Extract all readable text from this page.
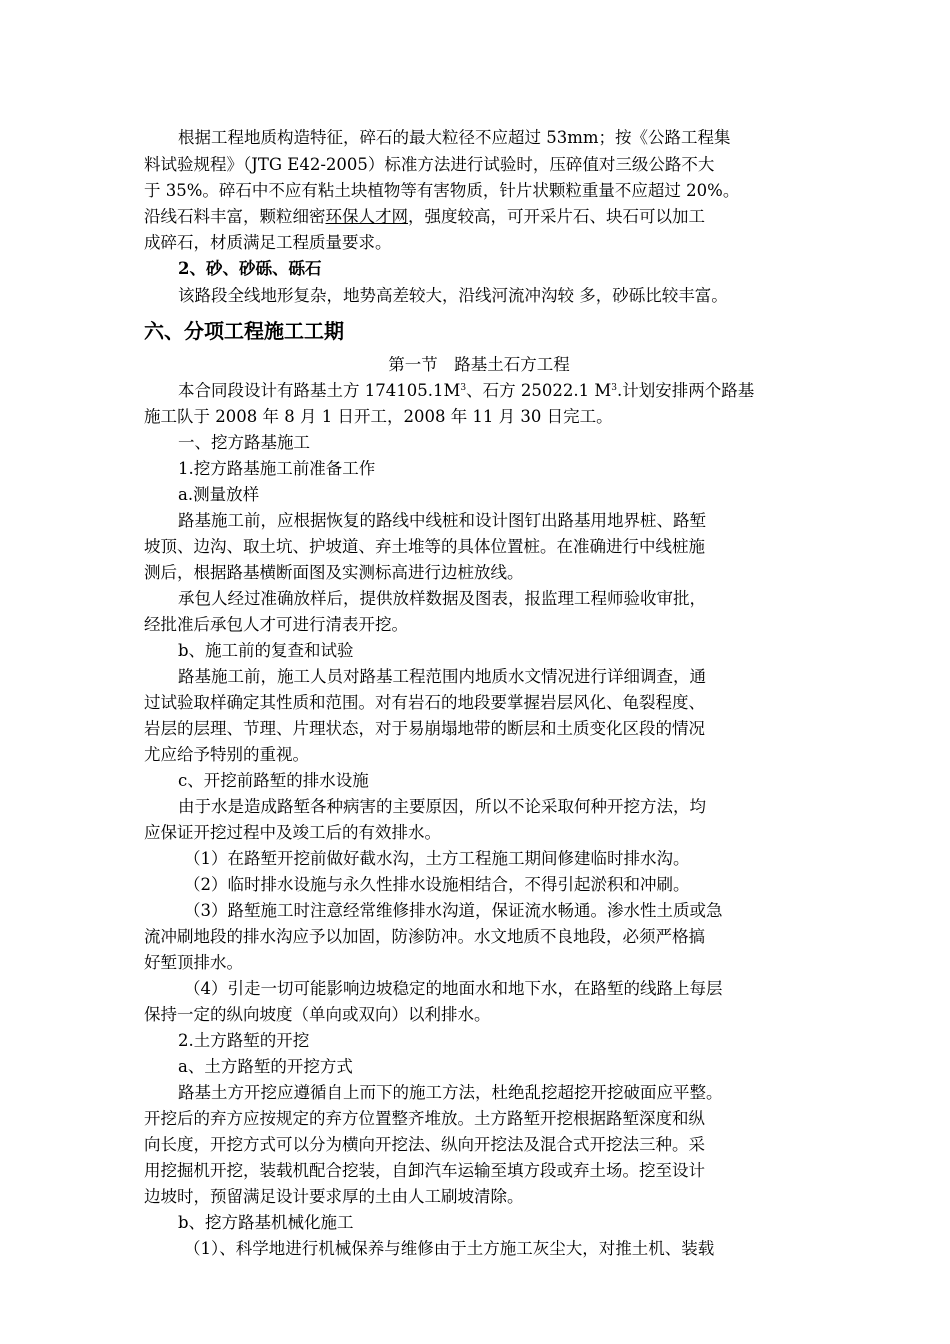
根据工程地质构造特征，碎石的最大粒径不应超过 53mm；按《公路工程集
料试验规程》（JTG E42-2005）标准方法进行试验时，压碎值对三级公路不大
于 35%。碎石中不应有粘土块植物等有害物质，针片状颗粒重量不应超过 20%。
沿线石料丰富，颗粒细密环保人才网，强度较高，可开采片石、块石可以加工
成碎石，材质满足工程质量要求。
2、砂、砂砾、砾石
该路段全线地形复杂，地势高差较大，沿线河流冲沟较 多，砂砾比较丰富。
六、分项工程施工工期
第一节　路基土石方工程
本合同段设计有路基土方 $174105.1M^3$、石方 25022.1 $M^3$.计划安排两个路基
施工队于 2008 年 8 月 1 日开工，2008 年 11 月 30 日完工。
一、挖方路基施工
1.挖方路基施工前准备工作
a.测量放样
路基施工前，应根据恢复的路线中线桩和设计图钉出路基用地界桩、路堑
坡顶、边沟、取土坑、护坡道、弃土堆等的具体位置桩。在准确进行中线桩施
测后，根据路基横断面图及实测标高进行边桩放线。
承包人经过准确放样后，提供放样数据及图表，报监理工程师验收审批，
经批准后承包人才可进行清表开挖。
b、施工前的复查和试验
路基施工前，施工人员对路基工程范围内地质水文情况进行详细调查，通
过试验取样确定其性质和范围。对有岩石的地段要掌握岩层风化、龟裂程度、
岩层的层理、节理、片理状态，对于易崩塌地带的断层和土质变化区段的情况
尤应给予特别的重视。
c、开挖前路堑的排水设施
由于水是造成路堑各种病害的主要原因，所以不论采取何种开挖方法，均
应保证开挖过程中及竣工后的有效排水。
（1）在路堑开挖前做好截水沟，土方工程施工期间修建临时排水沟。
（2）临时排水设施与永久性排水设施相结合，不得引起淤积和冲刷。
（3）路堑施工时注意经常维修排水沟道，保证流水畅通。渗水性土质或急
流冲刷地段的排水沟应予以加固，防渗防冲。水文地质不良地段，必须严格搞
好堑顶排水。
（4）引走一切可能影响边坡稳定的地面水和地下水，在路堑的线路上每层
保持一定的纵向坡度（单向或双向）以利排水。
2.土方路堑的开挖
a、土方路堑的开挖方式
路基土方开挖应遵循自上而下的施工方法，杜绝乱挖超挖开挖破面应平整。
开挖后的弃方应按规定的弃方位置整齐堆放。土方路堑开挖根据路堑深度和纵
向长度，开挖方式可以分为横向开挖法、纵向开挖法及混合式开挖法三种。采
用挖掘机开挖，装载机配合挖装，自卸汽车运输至填方段或弃土场。挖至设计
边坡时，预留满足设计要求厚的土由人工刷坡清除。
b、挖方路基机械化施工
（1）、科学地进行机械保养与维修由于土方施工灰尘大，对推土机、装载
